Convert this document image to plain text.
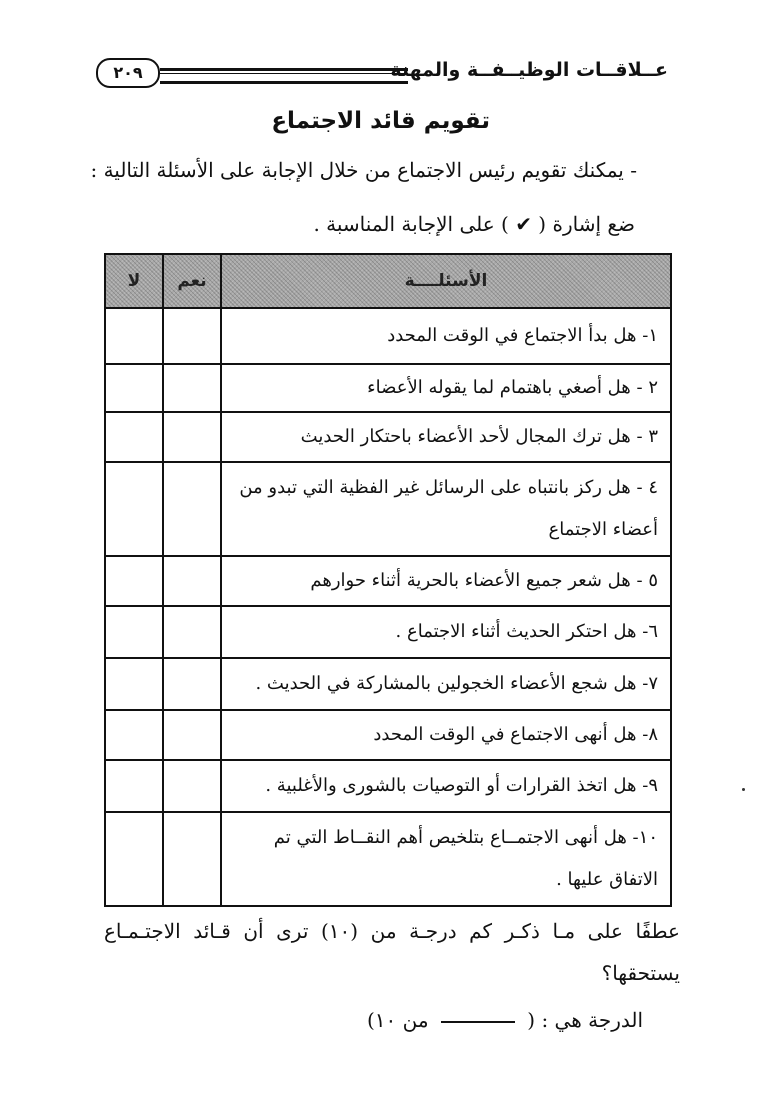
عــلاقــات الوظيــفــة والمهنة
٢٠٩
تقويم قائد الاجتماع
- يمكنك تقويم رئيس الاجتماع من خلال الإجابة على الأسئلة التالية :
ضع إشارة ( ✔ ) على الإجابة المناسبة .
لا	نعم	الأسئلــــة
		١- هل بدأ الاجتماع في الوقت المحدد
		٢ - هل أصغي باهتمام لما يقوله الأعضاء
		٣ - هل ترك المجال لأحد الأعضاء باحتكار الحديث
		٤ - هل ركز بانتباه على الرسائل غير الفظية التي تبدو من أعضاء الاجتماع
		٥ - هل شعر جميع الأعضاء بالحرية أثناء حوارهم
		٦- هل احتكر الحديث أثناء الاجتماع .
		٧- هل شجع الأعضاء الخجولين بالمشاركة في الحديث .
		٨- هل أنهى الاجتماع في الوقت المحدد
		٩- هل اتخذ القرارات أو التوصيات بالشورى والأغلبية .
		١٠- هل أنهى الاجتمــاع بتلخيص أهم النقــاط التي تم الاتفاق عليها .
عطفًا على مـا ذكـر كم درجـة من (١٠) ترى أن قـائد الاجتـمـاع يستحقها؟
الدرجة هي : (  من ١٠)
